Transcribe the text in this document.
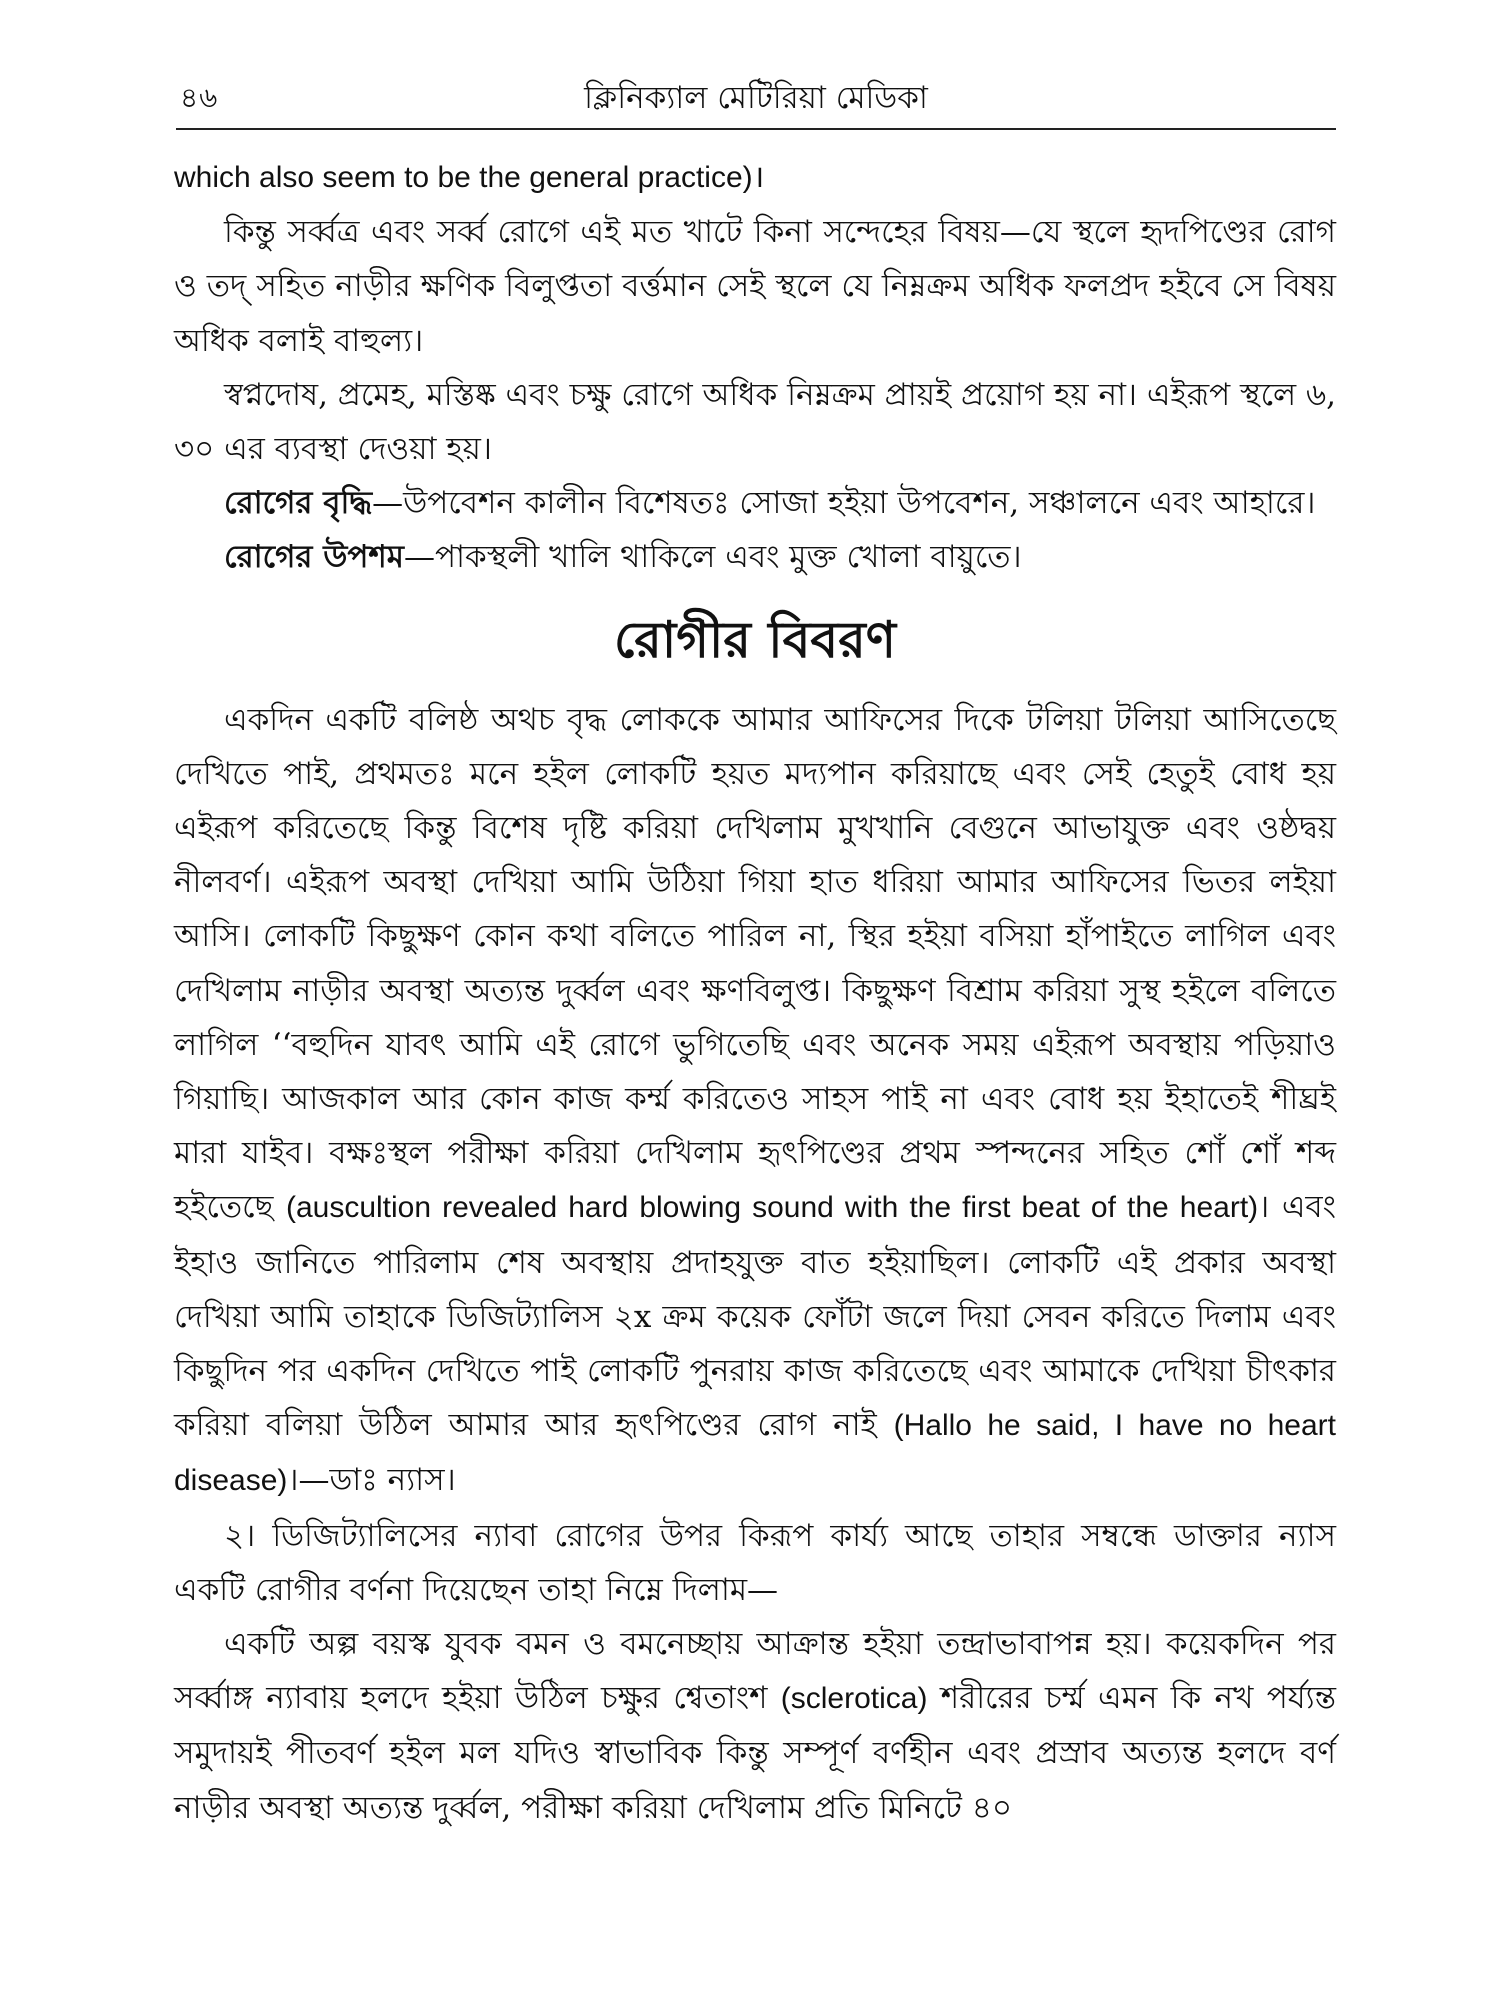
৪৬	ক্লিনিক্যাল মেটিরিয়া মেডিকা

which also seem to be the general practice)।

কিন্তু সর্ব্বত্র এবং সর্ব্ব রোগে এই মত খাটে কিনা সন্দেহের বিষয়—যে স্থলে হৃদপিণ্ডের রোগ ও তদ্ সহিত নাড়ীর ক্ষণিক বিলুপ্ততা বর্ত্তমান সেই স্থলে যে নিম্নক্রম অধিক ফলপ্রদ হইবে সে বিষয় অধিক বলাই বাহুল্য।

স্বপ্নদোষ, প্রমেহ, মস্তিষ্ক এবং চক্ষু রোগে অধিক নিম্নক্রম প্রায়ই প্রয়োগ হয় না। এইরূপ স্থলে ৬, ৩০ এর ব্যবস্থা দেওয়া হয়।

রোগের বৃদ্ধি—উপবেশন কালীন বিশেষতঃ সোজা হইয়া উপবেশন, সঞ্চালনে এবং আহারে।

রোগের উপশম—পাকস্থলী খালি থাকিলে এবং মুক্ত খোলা বায়ুতে।

রোগীর বিবরণ

একদিন একটি বলিষ্ঠ অথচ বৃদ্ধ লোককে আমার আফিসের দিকে টলিয়া টলিয়া আসিতেছে দেখিতে পাই, প্রথমতঃ মনে হইল লোকটি হয়ত মদ্যপান করিয়াছে এবং সেই হেতুই বোধ হয় এইরূপ করিতেছে কিন্তু বিশেষ দৃষ্টি করিয়া দেখিলাম মুখখানি বেগুনে আভাযুক্ত এবং ওষ্ঠদ্বয় নীলবর্ণ। এইরূপ অবস্থা দেখিয়া আমি উঠিয়া গিয়া হাত ধরিয়া আমার আফিসের ভিতর লইয়া আসি। লোকটি কিছুক্ষণ কোন কথা বলিতে পারিল না, স্থির হইয়া বসিয়া হাঁপাইতে লাগিল এবং দেখিলাম নাড়ীর অবস্থা অত্যন্ত দুর্ব্বল এবং ক্ষণবিলুপ্ত। কিছুক্ষণ বিশ্রাম করিয়া সুস্থ হইলে বলিতে লাগিল ‘‘বহুদিন যাবৎ আমি এই রোগে ভুগিতেছি এবং অনেক সময় এইরূপ অবস্থায় পড়িয়াও গিয়াছি। আজকাল আর কোন কাজ কর্ম্ম করিতেও সাহস পাই না এবং বোধ হয় ইহাতেই শীঘ্রই মারা যাইব। বক্ষঃস্থল পরীক্ষা করিয়া দেখিলাম হৃৎপিণ্ডের প্রথম স্পন্দনের সহিত শোঁ শোঁ শব্দ হইতেছে (auscultion revealed hard blowing sound with the first beat of the heart)। এবং ইহাও জানিতে পারিলাম শেষ অবস্থায় প্রদাহযুক্ত বাত হইয়াছিল। লোকটি এই প্রকার অবস্থা দেখিয়া আমি তাহাকে ডিজিট্যালিস ২x ক্রম কয়েক ফোঁটা জলে দিয়া সেবন করিতে দিলাম এবং কিছুদিন পর একদিন দেখিতে পাই লোকটি পুনরায় কাজ করিতেছে এবং আমাকে দেখিয়া চীৎকার করিয়া বলিয়া উঠিল আমার আর হৃৎপিণ্ডের রোগ নাই (Hallo he said, I have no heart disease)।—ডাঃ ন্যাস।

২। ডিজিট্যালিসের ন্যাবা রোগের উপর কিরূপ কার্য্য আছে তাহার সম্বন্ধে ডাক্তার ন্যাস একটি রোগীর বর্ণনা দিয়েছেন তাহা নিম্নে দিলাম—

একটি অল্প বয়স্ক যুবক বমন ও বমনেচ্ছায় আক্রান্ত হইয়া তন্দ্রাভাবাপন্ন হয়। কয়েকদিন পর সর্ব্বাঙ্গ ন্যাবায় হলদে হইয়া উঠিল চক্ষুর শ্বেতাংশ (sclerotica) শরীরের চর্ম্ম এমন কি নখ পর্য্যন্ত সমুদায়ই পীতবর্ণ হইল মল যদিও স্বাভাবিক কিন্তু সম্পূর্ণ বর্ণহীন এবং প্রস্রাব অত্যন্ত হলদে বর্ণ নাড়ীর অবস্থা অত্যন্ত দুর্ব্বল, পরীক্ষা করিয়া দেখিলাম প্রতি মিনিটে ৪০
